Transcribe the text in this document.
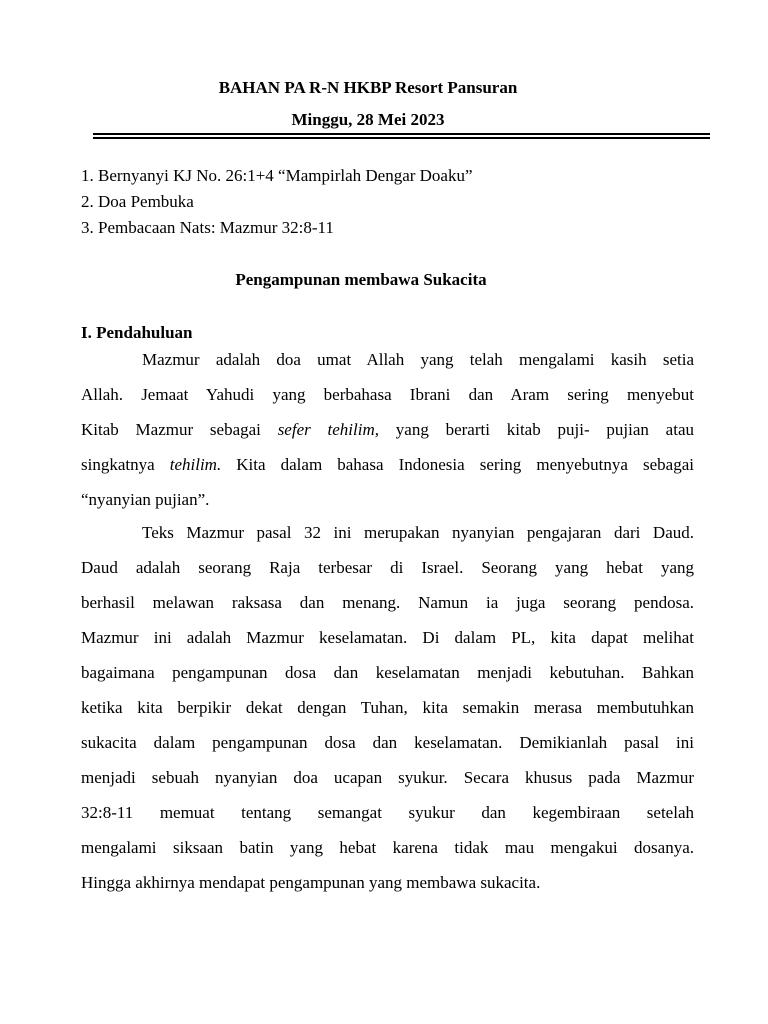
BAHAN PA R-N HKBP Resort Pansuran
Minggu, 28 Mei 2023
1. Bernyanyi KJ No. 26:1+4 “Mampirlah Dengar Doaku”
2. Doa Pembuka
3. Pembacaan Nats: Mazmur 32:8-11
Pengampunan membawa Sukacita
I. Pendahuluan
Mazmur adalah doa umat Allah yang telah mengalami kasih setia
Allah. Jemaat Yahudi yang berbahasa Ibrani dan Aram sering menyebut
Kitab Mazmur sebagai sefer tehilim, yang berarti kitab puji- pujian atau
singkatnya tehilim. Kita dalam bahasa Indonesia sering menyebutnya sebagai
“nyanyian pujian”.
Teks Mazmur pasal 32 ini merupakan nyanyian pengajaran dari Daud.
Daud adalah seorang Raja terbesar di Israel. Seorang yang hebat yang
berhasil melawan raksasa dan menang. Namun ia juga seorang pendosa.
Mazmur ini adalah Mazmur keselamatan. Di dalam PL, kita dapat melihat
bagaimana pengampunan dosa dan keselamatan menjadi kebutuhan. Bahkan
ketika kita berpikir dekat dengan Tuhan, kita semakin merasa membutuhkan
sukacita dalam pengampunan dosa dan keselamatan. Demikianlah pasal ini
menjadi sebuah nyanyian doa ucapan syukur. Secara khusus pada Mazmur
32:8-11 memuat tentang semangat syukur dan kegembiraan setelah
mengalami siksaan batin yang hebat karena tidak mau mengakui dosanya.
Hingga akhirnya mendapat pengampunan yang membawa sukacita.
